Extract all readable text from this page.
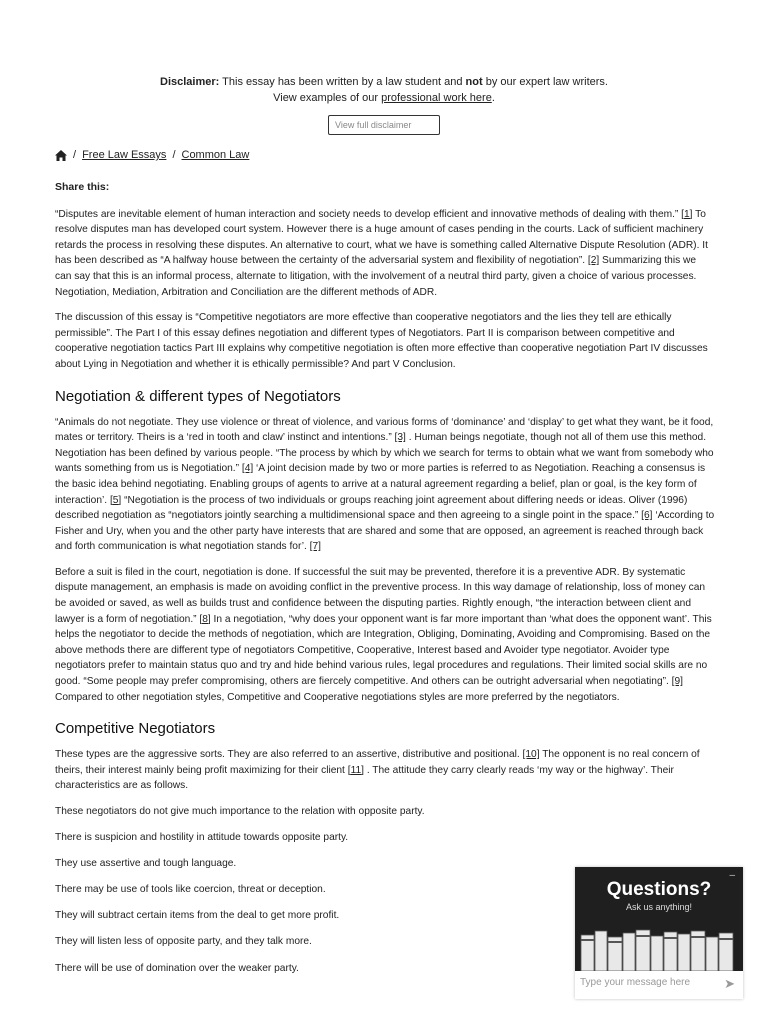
Disclaimer: This essay has been written by a law student and not by our expert law writers. View examples of our professional work here.
View full disclaimer
/ Free Law Essays / Common Law
Share this:

“Disputes are inevitable element of human interaction and society needs to develop efficient and innovative methods of dealing with them.” [1] To resolve disputes man has developed court system. However there is a huge amount of cases pending in the courts. Lack of sufficient machinery retards the process in resolving these disputes. An alternative to court, what we have is something called Alternative Dispute Resolution (ADR). It has been described as “A halfway house between the certainty of the adversarial system and flexibility of negotiation”. [2] Summarizing this we can say that this is an informal process, alternate to litigation, with the involvement of a neutral third party, given a choice of various processes. Negotiation, Mediation, Arbitration and Conciliation are the different methods of ADR.

The discussion of this essay is “Competitive negotiators are more effective than cooperative negotiators and the lies they tell are ethically permissible”. The Part I of this essay defines negotiation and different types of Negotiators. Part II is comparison between competitive and cooperative negotiation tactics Part III explains why competitive negotiation is often more effective than cooperative negotiation Part IV discusses about Lying in Negotiation and whether it is ethically permissible? And part V Conclusion.

Negotiation & different types of Negotiators

“Animals do not negotiate. They use violence or threat of violence, and various forms of ‘dominance’ and ‘display’ to get what they want, be it food, mates or territory. Theirs is a ‘red in tooth and claw’ instinct and intentions.” [3] . Human beings negotiate, though not all of them use this method. Negotiation has been defined by various people. “The process by which by which we search for terms to obtain what we want from somebody who wants something from us is Negotiation.” [4] ‘A joint decision made by two or more parties is referred to as Negotiation. Reaching a consensus is the basic idea behind negotiating. Enabling groups of agents to arrive at a natural agreement regarding a belief, plan or goal, is the key form of interaction’. [5] “Negotiation is the process of two individuals or groups reaching joint agreement about differing needs or ideas. Oliver (1996) described negotiation as “negotiators jointly searching a multidimensional space and then agreeing to a single point in the space.” [6] ‘According to Fisher and Ury, when you and the other party have interests that are shared and some that are opposed, an agreement is reached through back and forth communication is what negotiation stands for’. [7]

Before a suit is filed in the court, negotiation is done. If successful the suit may be prevented, therefore it is a preventive ADR. By systematic dispute management, an emphasis is made on avoiding conflict in the preventive process. In this way damage of relationship, loss of money can be avoided or saved, as well as builds trust and confidence between the disputing parties. Rightly enough, “the interaction between client and lawyer is a form of negotiation.” [8] In a negotiation, “why does your opponent want is far more important than ‘what does the opponent want’. This helps the negotiator to decide the methods of negotiation, which are Integration, Obliging, Dominating, Avoiding and Compromising. Based on the above methods there are different type of negotiators Competitive, Cooperative, Interest based and Avoider type negotiator. Avoider type negotiators prefer to maintain status quo and try and hide behind various rules, legal procedures and regulations. Their limited social skills are no good. “Some people may prefer compromising, others are fiercely competitive. And others can be outright adversarial when negotiating”. [9] Compared to other negotiation styles, Competitive and Cooperative negotiations styles are more preferred by the negotiators.

Competitive Negotiators

These types are the aggressive sorts. They are also referred to an assertive, distributive and positional. [10] The opponent is no real concern of theirs, their interest mainly being profit maximizing for their client [11] . The attitude they carry clearly reads ‘my way or the highway’. Their characteristics are as follows.

These negotiators do not give much importance to the relation with opposite party.

There is suspicion and hostility in attitude towards opposite party.

They use assertive and tough language.

There may be use of tools like coercion, threat or deception.

They will subtract certain items from the deal to get more profit.

They will listen less of opposite party, and they talk more.

There will be use of domination over the weaker party.

–
Questions?
Ask us anything!
Type your message here	➤
